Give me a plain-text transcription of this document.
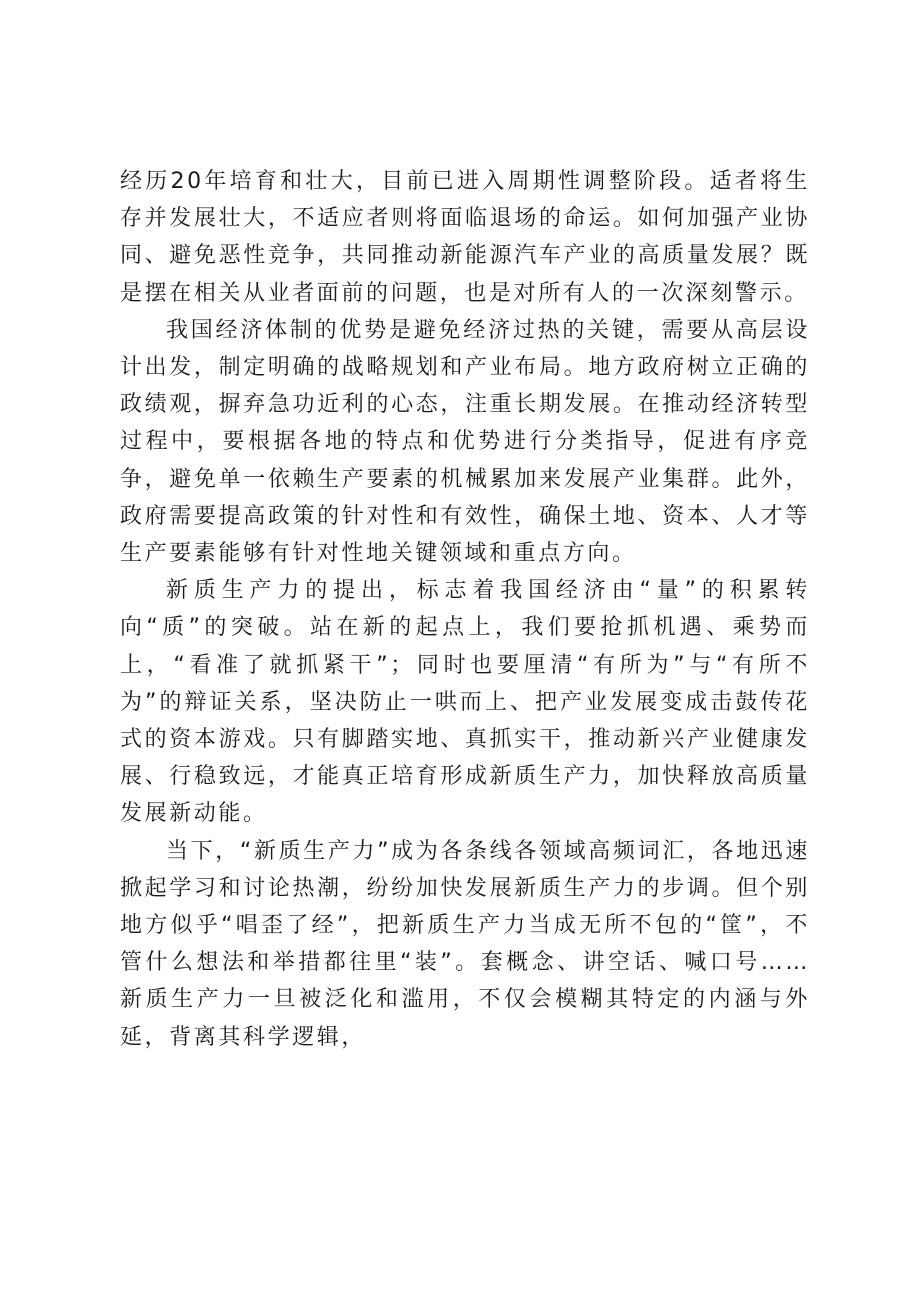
经历20年培育和壮大，目前已进入周期性调整阶段。适者将生存并发展壮大，不适应者则将面临退场的命运。如何加强产业协同、避免恶性竞争，共同推动新能源汽车产业的高质量发展？既是摆在相关从业者面前的问题，也是对所有人的一次深刻警示。

我国经济体制的优势是避免经济过热的关键，需要从高层设计出发，制定明确的战略规划和产业布局。地方政府树立正确的政绩观，摒弃急功近利的心态，注重长期发展。在推动经济转型过程中，要根据各地的特点和优势进行分类指导，促进有序竞争，避免单一依赖生产要素的机械累加来发展产业集群。此外，政府需要提高政策的针对性和有效性，确保土地、资本、人才等生产要素能够有针对性地关键领域和重点方向。

新质生产力的提出，标志着我国经济由“量”的积累转向“质”的突破。站在新的起点上，我们要抢抓机遇、乘势而上，“看准了就抓紧干”；同时也要厘清“有所为”与“有所不为”的辩证关系，坚决防止一哄而上、把产业发展变成击鼓传花式的资本游戏。只有脚踏实地、真抓实干，推动新兴产业健康发展、行稳致远，才能真正培育形成新质生产力，加快释放高质量发展新动能。

当下，“新质生产力”成为各条线各领域高频词汇，各地迅速掀起学习和讨论热潮，纷纷加快发展新质生产力的步调。但个别地方似乎“唱歪了经”，把新质生产力当成无所不包的“筐”，不管什么想法和举措都往里“装”。套概念、讲空话、喊口号……新质生产力一旦被泛化和滥用，不仅会模糊其特定的内涵与外延，背离其科学逻辑，
